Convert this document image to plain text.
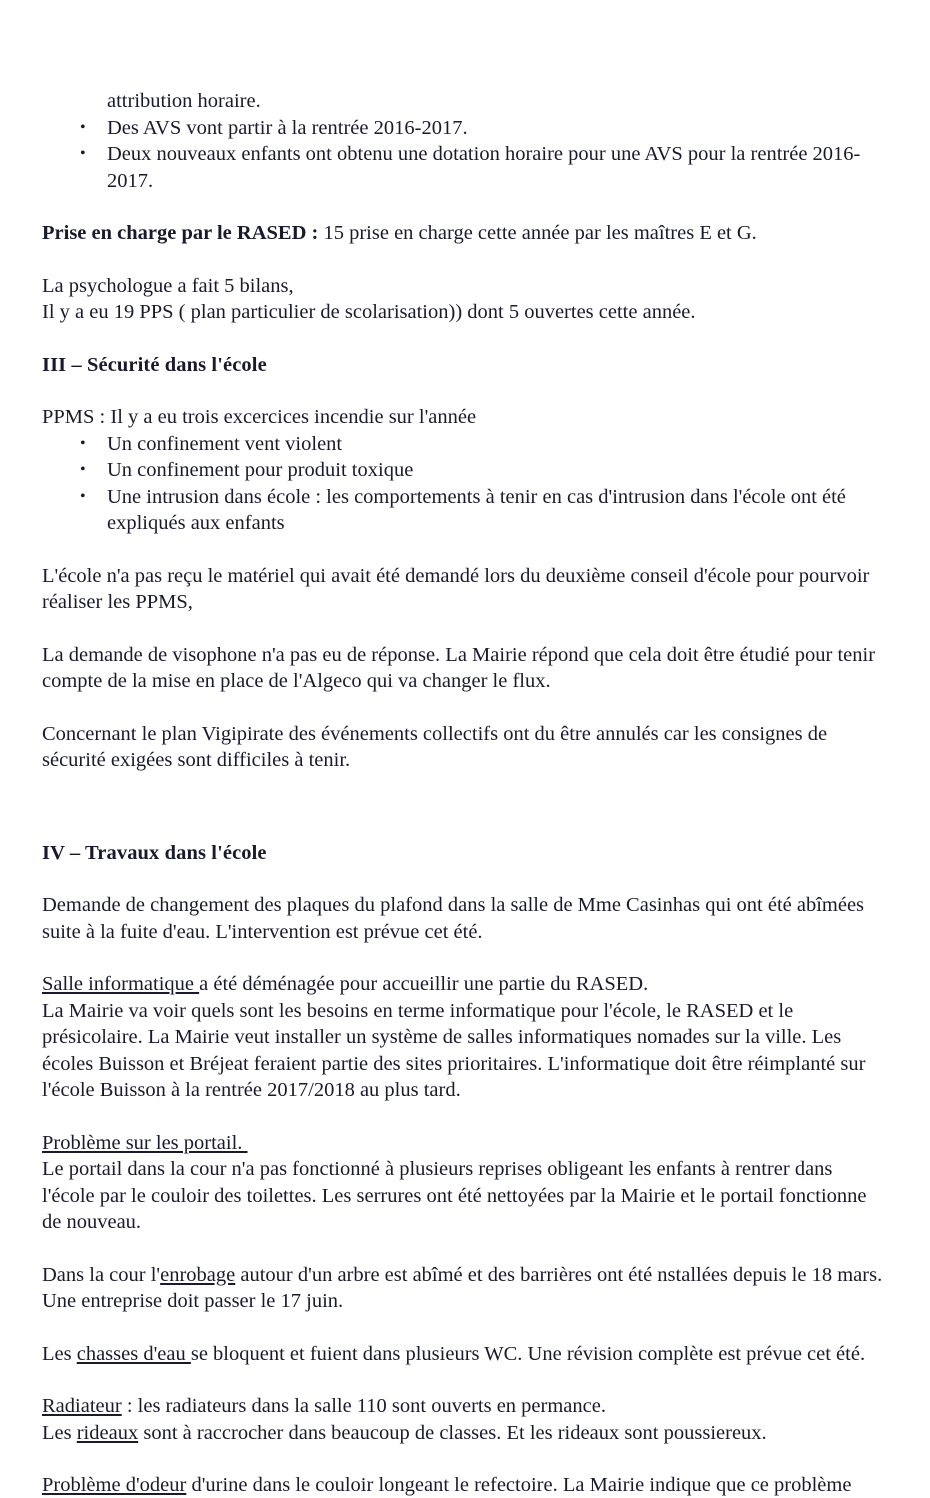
attribution horaire.

• Des AVS vont partir à la rentrée 2016-2017.
• Deux nouveaux enfants ont obtenu une dotation horaire pour une AVS pour la rentrée 2016-2017.

Prise en charge par le RASED : 15 prise en charge cette année par les maîtres E et G.

La psychologue a fait 5 bilans,

Il y a eu 19 PPS ( plan particulier de scolarisation)) dont 5 ouvertes cette année.

III – Sécurité dans l'école

PPMS : Il y a eu trois excercices incendie sur l'année

• Un confinement vent violent
• Un confinement pour produit toxique
• Une intrusion dans école : les comportements à tenir en cas d'intrusion dans l'école ont été expliqués aux enfants

L'école n'a pas reçu le matériel qui avait été demandé lors du deuxième conseil d'école pour pourvoir réaliser les PPMS,

La demande de visophone n'a pas eu de réponse. La Mairie répond que cela doit être étudié pour tenir compte de la mise en place de l'Algeco qui va changer le flux.

Concernant le plan Vigipirate des événements collectifs ont du être annulés car les consignes de sécurité exigées sont difficiles à tenir.

IV – Travaux dans l'école

Demande de changement des plaques du plafond dans la salle de Mme Casinhas qui ont été abîmées suite à la fuite d'eau. L'intervention est prévue cet été.

Salle informatique a été déménagée pour accueillir une partie du RASED.

La Mairie va voir quels sont les besoins en terme informatique pour l'école, le RASED et le présicolaire. La Mairie veut installer un système de salles informatiques nomades sur la ville. Les écoles Buisson et Bréjeat feraient partie des sites prioritaires. L'informatique doit être réimplanté sur l'école Buisson à la rentrée 2017/2018 au plus tard.

Problème sur les portail.

Le portail dans la cour n'a pas fonctionné à plusieurs reprises obligeant les enfants à rentrer dans l'école par le couloir des toilettes. Les serrures ont été nettoyées par la Mairie et le portail fonctionne de nouveau.

Dans la cour l'enrobage autour d'un arbre est abîmé et des barrières ont été nstallées depuis le 18 mars. Une entreprise doit passer le 17 juin.

Les chasses d'eau se bloquent et fuient dans plusieurs WC. Une révision complète est prévue cet été.

Radiateur : les radiateurs dans la salle 110 sont ouverts en permance.

Les rideaux sont à raccrocher dans beaucoup de classes. Et les rideaux sont poussiereux.

Problème d'odeur d'urine dans le couloir longeant le refectoire. La Mairie indique que ce problème
